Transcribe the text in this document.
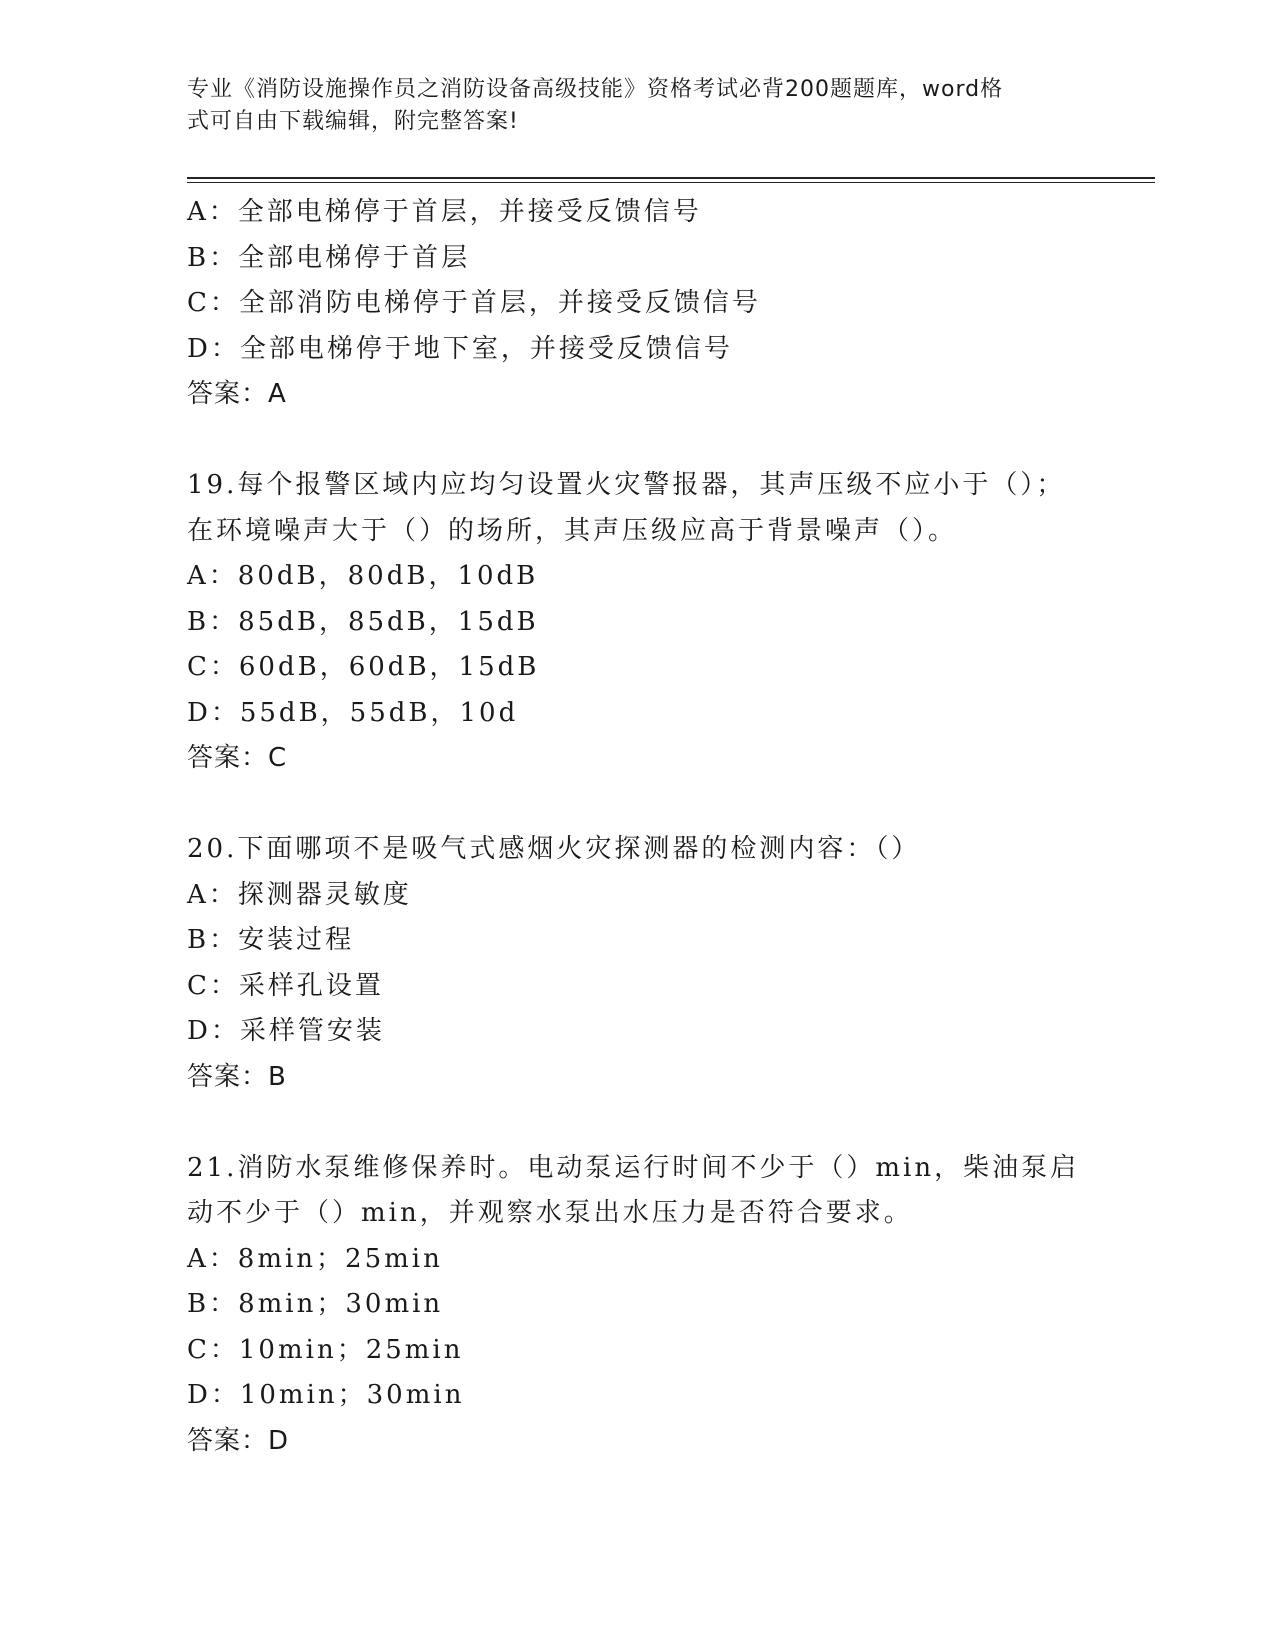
专业《消防设施操作员之消防设备高级技能》资格考试必背200题题库，word格
式可自由下载编辑，附完整答案!
A：全部电梯停于首层，并接受反馈信号
B：全部电梯停于首层
C：全部消防电梯停于首层，并接受反馈信号
D：全部电梯停于地下室，并接受反馈信号
答案：A
19.每个报警区域内应均匀设置火灾警报器，其声压级不应小于（）；
在环境噪声大于（）的场所，其声压级应高于背景噪声（）。
A：80dB，80dB，10dB
B：85dB，85dB，15dB
C：60dB，60dB，15dB
D：55dB，55dB，10d
答案：C
20.下面哪项不是吸气式感烟火灾探测器的检测内容：（）
A：探测器灵敏度
B：安装过程
C：采样孔设置
D：采样管安装
答案：B
21.消防水泵维修保养时。电动泵运行时间不少于（）min，柴油泵启
动不少于（）min，并观察水泵出水压力是否符合要求。
A：8min；25min
B：8min；30min
C：10min；25min
D：10min；30min
答案：D
